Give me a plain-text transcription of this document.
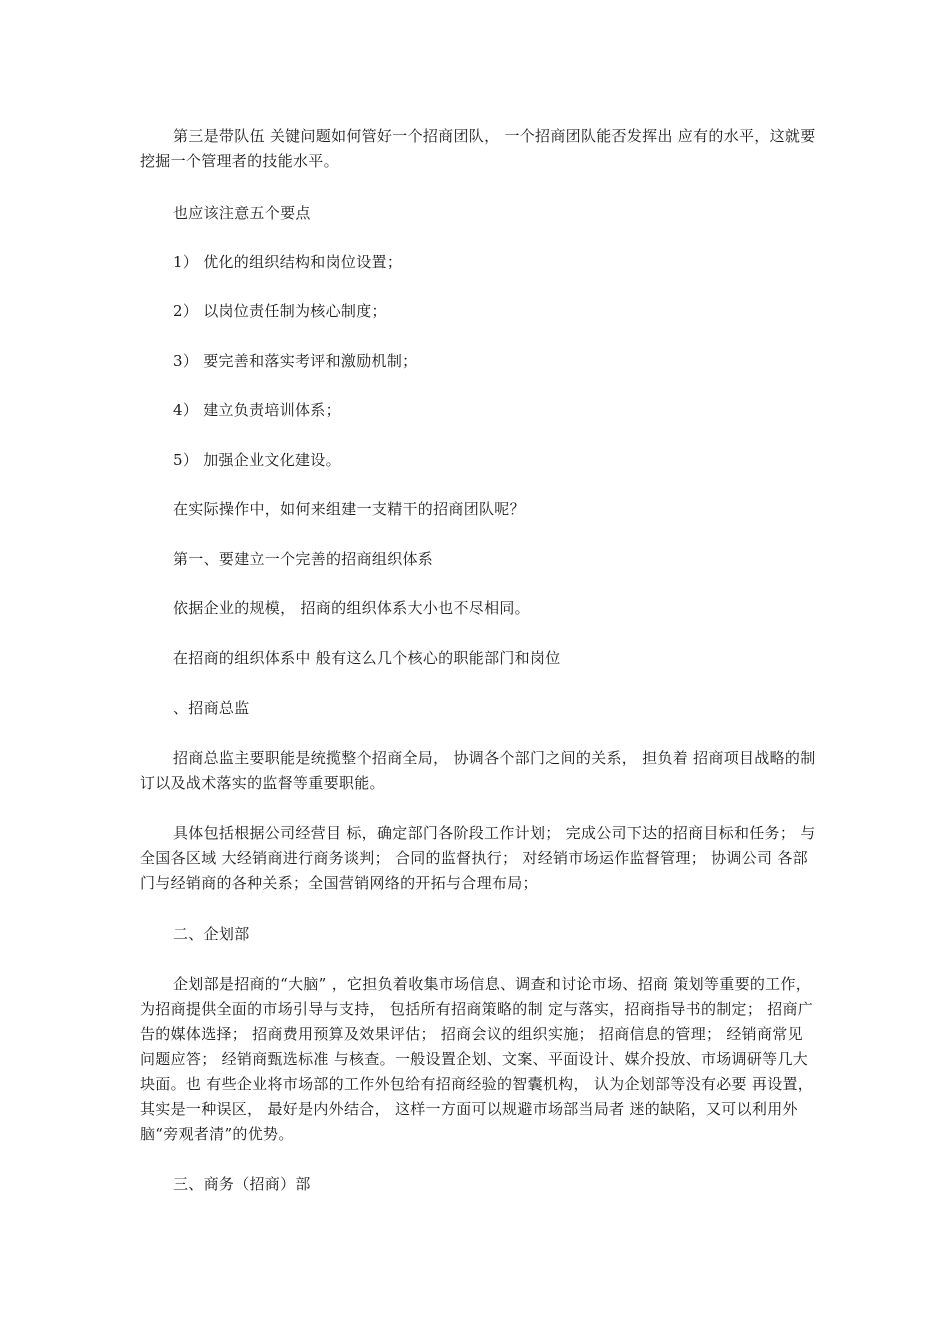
第三是带队伍 关键问题如何管好一个招商团队， 一个招商团队能否发挥出 应有的水平，这就要挖掘一个管理者的技能水平。

也应该注意五个要点

1） 优化的组织结构和岗位设置；

2） 以岗位责任制为核心制度；

3） 要完善和落实考评和激励机制；

4） 建立负责培训体系；

5） 加强企业文化建设。

在实际操作中，如何来组建一支精干的招商团队呢？

第一、要建立一个完善的招商组织体系

依据企业的规模， 招商的组织体系大小也不尽相同。

在招商的组织体系中 般有这么几个核心的职能部门和岗位

、招商总监

招商总监主要职能是统揽整个招商全局， 协调各个部门之间的关系， 担负着 招商项目战略的制订以及战术落实的监督等重要职能。

具体包括根据公司经营目 标，确定部门各阶段工作计划； 完成公司下达的招商目标和任务； 与全国各区域 大经销商进行商务谈判； 合同的监督执行； 对经销市场运作监督管理； 协调公司 各部门与经销商的各种关系；全国营销网络的开拓与合理布局；

二、企划部

企划部是招商的“大脑” ，它担负着收集市场信息、调查和讨论市场、招商 策划等重要的工作， 为招商提供全面的市场引导与支持， 包括所有招商策略的制 定与落实，招商指导书的制定； 招商广告的媒体选择； 招商费用预算及效果评估； 招商会议的组织实施； 招商信息的管理； 经销商常见问题应答； 经销商甄选标准 与核查。一般设置企划、文案、平面设计、媒介投放、市场调研等几大块面。也 有些企业将市场部的工作外包给有招商经验的智囊机构， 认为企划部等没有必要 再设置，其实是一种误区， 最好是内外结合， 这样一方面可以规避市场部当局者 迷的缺陷，又可以利用外脑“旁观者清”的优势。

三、商务（招商）部
